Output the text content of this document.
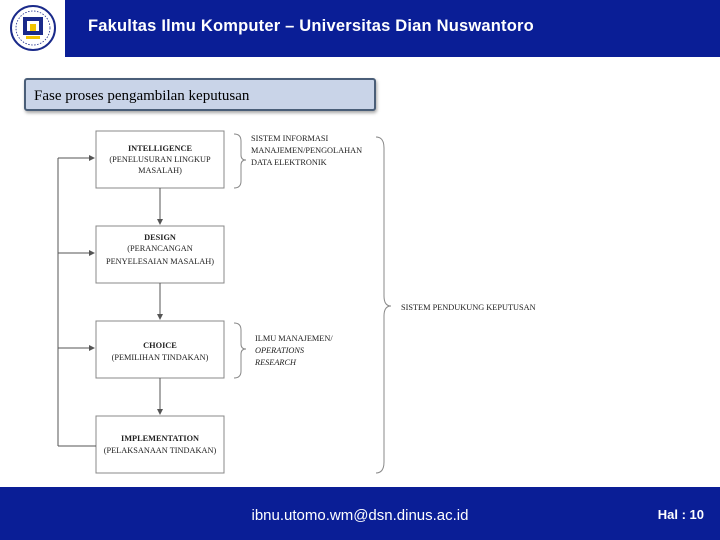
Fakultas Ilmu Komputer – Universitas Dian Nuswantoro
Fase proses pengambilan keputusan
INTELLIGENCE
(PENELUSURAN LINGKUP
MASALAH)
DESIGN
(PERANCANGAN
PENYELESAIAN MASALAH)
CHOICE
(PEMILIHAN TINDAKAN)
IMPLEMENTATION
(PELAKSANAAN TINDAKAN)
SISTEM INFORMASI
MANAJEMEN/PENGOLAHAN
DATA ELEKTRONIK
ILMU MANAJEMEN/
OPERATIONS
RESEARCH
SISTEM PENDUKUNG KEPUTUSAN
ibnu.utomo.wm@dsn.dinus.ac.id	Hal : 10
